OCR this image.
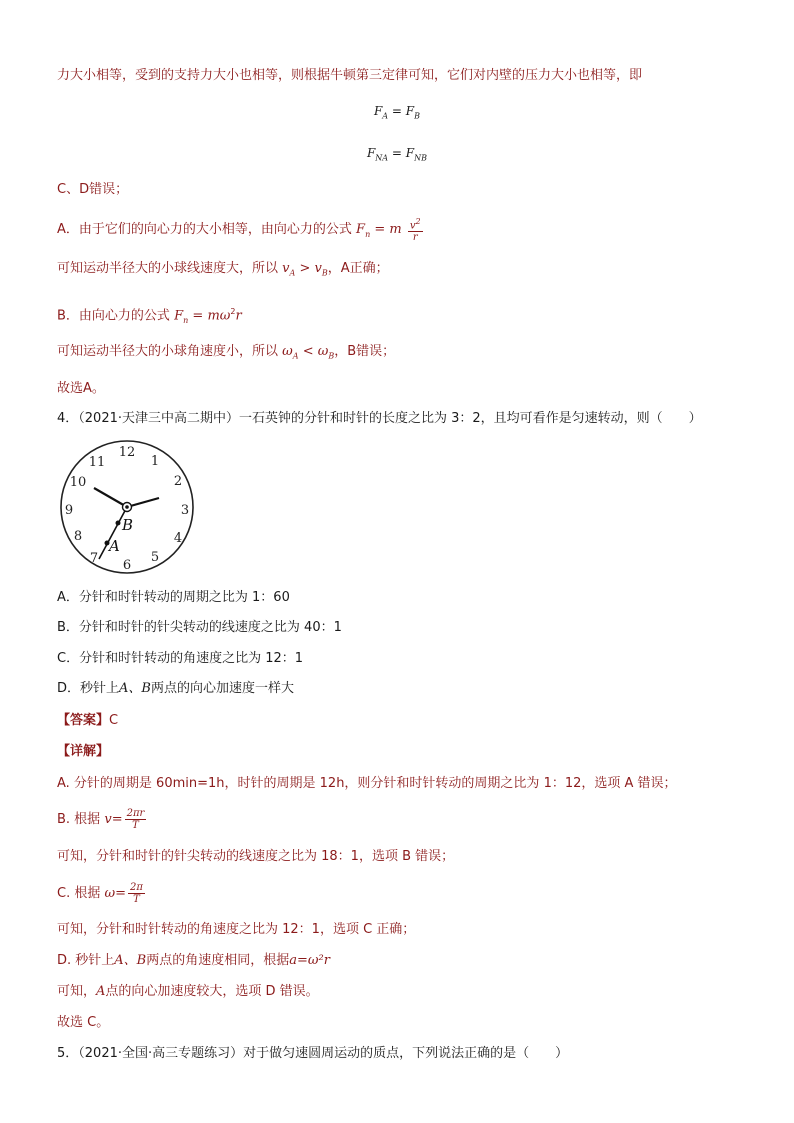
力大小相等，受到的支持力大小也相等，则根据牛顿第三定律可知，它们对内壁的压力大小也相等，即
$F_A = F_B$
$F_{NA} = F_{NB}$
C、D错误；
A．由于它们的向心力的大小相等，由向心力的公式 $F_n = m \frac{v^2}{r}$
可知运动半径大的小球线速度大，所以 $v_A > v_B$，A正确；
B．由向心力的公式 $F_n = m\omega^2r$
可知运动半径大的小球角速度小，所以 $\omega_A < \omega_B$，B错误；
故选A。
4．（2021·天津三中高二期中）一石英钟的分针和时针的长度之比为 3：2，且均可看作是匀速转动，则（　　）
12
1
2
3
4
5
6
7
8
9
10
11
B
A
A．分针和时针转动的周期之比为 1：60
B．分针和时针的针尖转动的线速度之比为 40：1
C．分针和时针转动的角速度之比为 12：1
D．秒针上A、B两点的向心加速度一样大
【答案】C
【详解】
A. 分针的周期是 60min=1h，时针的周期是 12h，则分针和时针转动的周期之比为 1：12，选项 A 错误；
B. 根据 $v= \frac{2\pi r}{T}$
可知，分针和时针的针尖转动的线速度之比为 18：1，选项 B 错误；
C. 根据 $\omega= \frac{2\pi}{T}$
可知，分针和时针转动的角速度之比为 12：1，选项 C 正确；
D. 秒针上A、B两点的角速度相同，根据a=ω²r
可知，A点的向心加速度较大，选项 D 错误。
故选 C。
5．（2021·全国·高三专题练习）对于做匀速圆周运动的质点，下列说法正确的是（　　）
